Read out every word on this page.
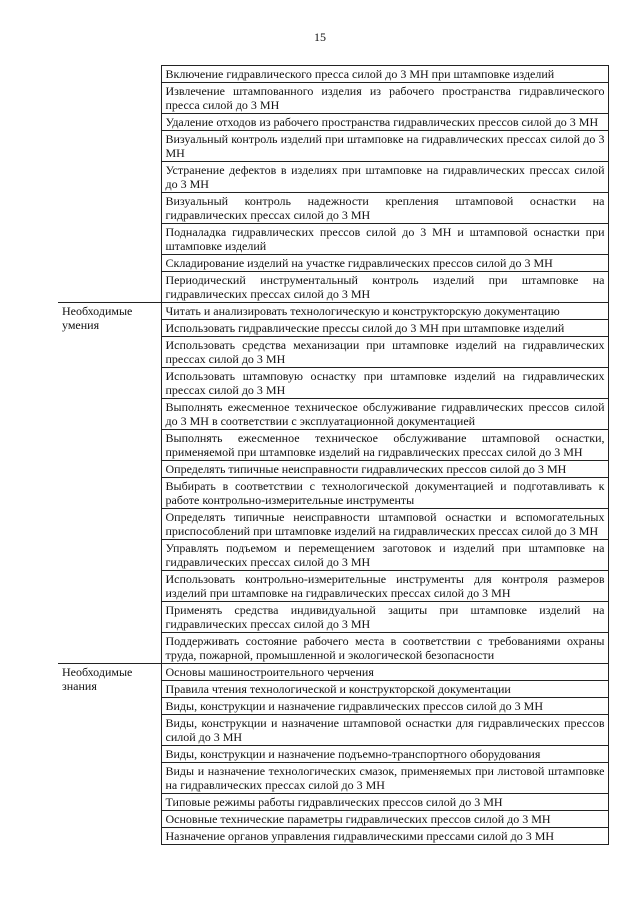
15
	Включение гидравлического пресса силой до 3 МН при штамповке изделий
	Извлечение штампованного изделия из рабочего пространства гидравлического пресса силой до 3 МН
	Удаление отходов из рабочего пространства гидравлических прессов силой до 3 МН
	Визуальный контроль изделий при штамповке на гидравлических прессах силой до 3 МН
	Устранение дефектов в изделиях при штамповке на гидравлических прессах силой до 3 МН
	Визуальный контроль надежности крепления штамповой оснастки на гидравлических прессах силой до 3 МН
	Подналадка гидравлических прессов силой до 3 МН и штамповой оснастки при штамповке изделий
	Складирование изделий на участке гидравлических прессов силой до 3 МН
	Периодический инструментальный контроль изделий при штамповке на гидравлических прессах силой до 3 МН
Необходимые умения	Читать и анализировать технологическую и конструкторскую документацию
	Использовать гидравлические прессы силой до 3 МН при штамповке изделий
	Использовать средства механизации при штамповке изделий на гидравлических прессах силой до 3 МН
	Использовать штамповую оснастку при штамповке изделий на гидравлических прессах силой до 3 МН
	Выполнять ежесменное техническое обслуживание гидравлических прессов силой до 3 МН в соответствии с эксплуатационной документацией
	Выполнять ежесменное техническое обслуживание штамповой оснастки, применяемой при штамповке изделий на гидравлических прессах силой до 3 МН
	Определять типичные неисправности гидравлических прессов силой до 3 МН
	Выбирать в соответствии с технологической документацией и подготавливать к работе контрольно-измерительные инструменты
	Определять типичные неисправности штамповой оснастки и вспомогательных приспособлений при штамповке изделий на гидравлических прессах силой до 3 МН
	Управлять подъемом и перемещением заготовок и изделий при штамповке на гидравлических прессах силой до 3 МН
	Использовать контрольно-измерительные инструменты для контроля размеров изделий при штамповке на гидравлических прессах силой до 3 МН
	Применять средства индивидуальной защиты при штамповке изделий на гидравлических прессах силой до 3 МН
	Поддерживать состояние рабочего места в соответствии с требованиями охраны труда, пожарной, промышленной и экологической безопасности
Необходимые знания	Основы машиностроительного черчения
	Правила чтения технологической и конструкторской документации
	Виды, конструкции и назначение гидравлических прессов силой до 3 МН
	Виды, конструкции и назначение штамповой оснастки для гидравлических прессов силой до 3 МН
	Виды, конструкции и назначение подъемно-транспортного оборудования
	Виды и назначение технологических смазок, применяемых при листовой штамповке на гидравлических прессах силой до 3 МН
	Типовые режимы работы гидравлических прессов силой до 3 МН
	Основные технические параметры гидравлических прессов силой до 3 МН
	Назначение органов управления гидравлическими прессами силой до 3 МН
